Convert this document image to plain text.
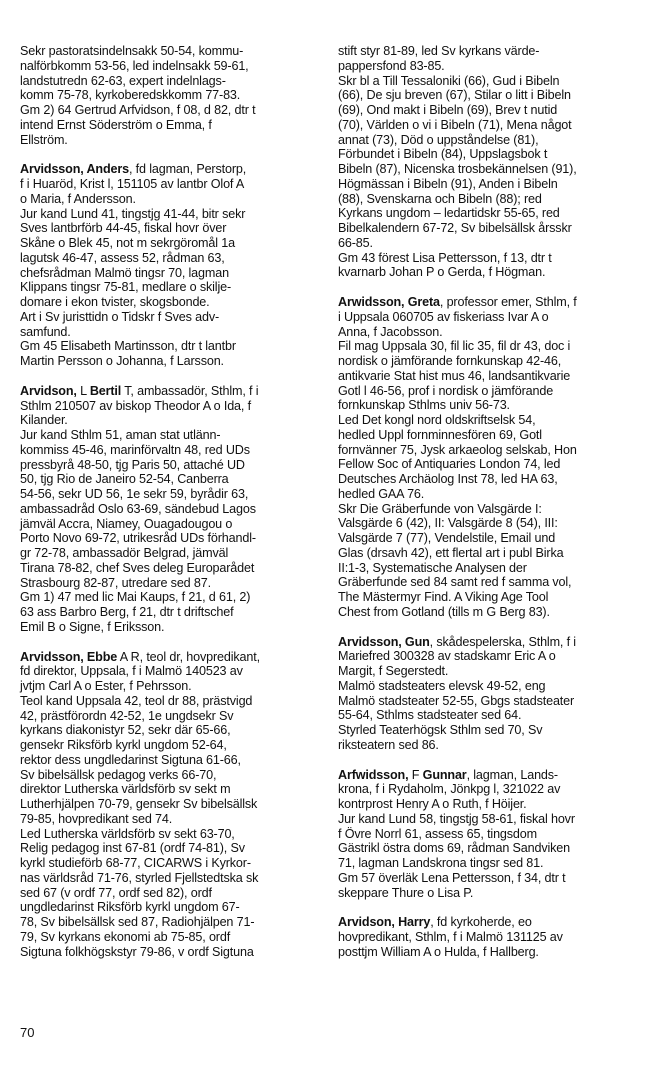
Sekr pastoratsindelnsakk 50-54, kommu-
nalförbkomm 53-56, led indelnsakk 59-61,
landstutredn 62-63, expert indelnlags-
komm 75-78, kyrkoberedskkomm 77-83.
Gm 2) 64 Gertrud Arfvidson, f 08, d 82, dtr t
intend Ernst Söderström o Emma, f
Ellström.
Arvidsson, Anders, fd lagman, Perstorp,
f i Huaröd, Krist l, 151105 av lantbr Olof A
o Maria, f Andersson.
Jur kand Lund 41, tingstjg 41-44, bitr sekr
Sves lantbrförb 44-45, fiskal hovr över
Skåne o Blek 45, not m sekrgöromål 1a
lagutsk 46-47, assess 52, rådman 63,
chefsrådman Malmö tingsr 70, lagman
Klippans tingsr 75-81, medlare o skilje-
domare i ekon tvister, skogsbonde.
Art i Sv juristtidn o Tidskr f Sves adv-
samfund.
Gm 45 Elisabeth Martinsson, dtr t lantbr
Martin Persson o Johanna, f Larsson.
Arvidson, L Bertil T, ambassadör, Sthlm, f i
Sthlm 210507 av biskop Theodor A o Ida, f
Kilander.
Jur kand Sthlm 51, aman stat utlänn-
kommiss 45-46, marinförvaltn 48, red UDs
pressbyrå 48-50, tjg Paris 50, attaché UD
50, tjg Rio de Janeiro 52-54, Canberra
54-56, sekr UD 56, 1e sekr 59, byrådir 63,
ambassadråd Oslo 63-69, sändebud Lagos
jämväl Accra, Niamey, Ouagadougou o
Porto Novo 69-72, utrikesråd UDs förhandl-
gr 72-78, ambassadör Belgrad, jämväl
Tirana 78-82, chef Sves deleg Europarådet
Strasbourg 82-87, utredare sed 87.
Gm 1) 47 med lic Mai Kaups, f 21, d 61, 2)
63 ass Barbro Berg, f 21, dtr t driftschef
Emil B o Signe, f Eriksson.
Arvidsson, Ebbe A R, teol dr, hovpredikant,
fd direktor, Uppsala, f i Malmö 140523 av
jvtjm Carl A o Ester, f Pehrsson.
Teol kand Uppsala 42, teol dr 88, prästvigd
42, prästförordn 42-52, 1e ungdsekr Sv
kyrkans diakonistyr 52, sekr där 65-66,
gensekr Riksförb kyrkl ungdom 52-64,
rektor dess ungdledarinst Sigtuna 61-66,
Sv bibelsällsk pedagog verks 66-70,
direktor Lutherska världsförb sv sekt m
Lutherhjälpen 70-79, gensekr Sv bibelsällsk
79-85, hovpredikant sed 74.
Led Lutherska världsförb sv sekt 63-70,
Relig pedagog inst 67-81 (ordf 74-81), Sv
kyrkl studieförb 68-77, CICARWS i Kyrkor-
nas världsråd 71-76, styrled Fjellstedtska sk
sed 67 (v ordf 77, ordf sed 82), ordf
ungdledarinst Riksförb kyrkl ungdom 67-
78, Sv bibelsällsk sed 87, Radiohjälpen 71-
79, Sv kyrkans ekonomi ab 75-85, ordf
Sigtuna folkhögskstyr 79-86, v ordf Sigtuna
stift styr 81-89, led Sv kyrkans värde-
pappersfond 83-85.
Skr bl a Till Tessaloniki (66), Gud i Bibeln
(66), De sju breven (67), Stilar o litt i Bibeln
(69), Ond makt i Bibeln (69), Brev t nutid
(70), Världen o vi i Bibeln (71), Mena något
annat (73), Död o uppståndelse (81),
Förbundet i Bibeln (84), Uppslagsbok t
Bibeln (87), Nicenska trosbekännelsen (91),
Högmässan i Bibeln (91), Anden i Bibeln
(88), Svenskarna och Bibeln (88); red
Kyrkans ungdom – ledartidskr 55-65, red
Bibelkalendern 67-72, Sv bibelsällsk årsskr
66-85.
Gm 43 förest Lisa Pettersson, f 13, dtr t
kvarnarb Johan P o Gerda, f Högman.
Arwidsson, Greta, professor emer, Sthlm, f
i Uppsala 060705 av fiskeriass Ivar A o
Anna, f Jacobsson.
Fil mag Uppsala 30, fil lic 35, fil dr 43, doc i
nordisk o jämförande fornkunskap 42-46,
antikvarie Stat hist mus 46, landsantikvarie
Gotl l 46-56, prof i nordisk o jämförande
fornkunskap Sthlms univ 56-73.
Led Det kongl nord oldskriftselsk 54,
hedled Uppl fornminnesfören 69, Gotl
fornvänner 75, Jysk arkaeolog selskab, Hon
Fellow Soc of Antiquaries London 74, led
Deutsches Archäolog Inst 78, led HA 63,
hedled GAA 76.
Skr Die Gräberfunde von Valsgärde I:
Valsgärde 6 (42), II: Valsgärde 8 (54), III:
Valsgärde 7 (77), Vendelstile, Email und
Glas (drsavh 42), ett flertal art i publ Birka
II:1-3, Systematische Analysen der
Gräberfunde sed 84 samt red f samma vol,
The Mästermyr Find. A Viking Age Tool
Chest from Gotland (tills m G Berg 83).
Arvidsson, Gun, skådespelerska, Sthlm, f i
Mariefred 300328 av stadskamr Eric A o
Margit, f Segerstedt.
Malmö stadsteaters elevsk 49-52, eng
Malmö stadsteater 52-55, Gbgs stadsteater
55-64, Sthlms stadsteater sed 64.
Styrled Teaterhögsk Sthlm sed 70, Sv
riksteatern sed 86.
Arfwidsson, F Gunnar, lagman, Lands-
krona, f i Rydaholm, Jönkpg l, 321022 av
kontrprost Henry A o Ruth, f Höijer.
Jur kand Lund 58, tingstjg 58-61, fiskal hovr
f Övre Norrl 61, assess 65, tingsdom
Gästrikl östra doms 69, rådman Sandviken
71, lagman Landskrona tingsr sed 81.
Gm 57 överläk Lena Pettersson, f 34, dtr t
skeppare Thure o Lisa P.
Arvidson, Harry, fd kyrkoherde, eo
hovpredikant, Sthlm, f i Malmö 131125 av
posttjm William A o Hulda, f Hallberg.
70
